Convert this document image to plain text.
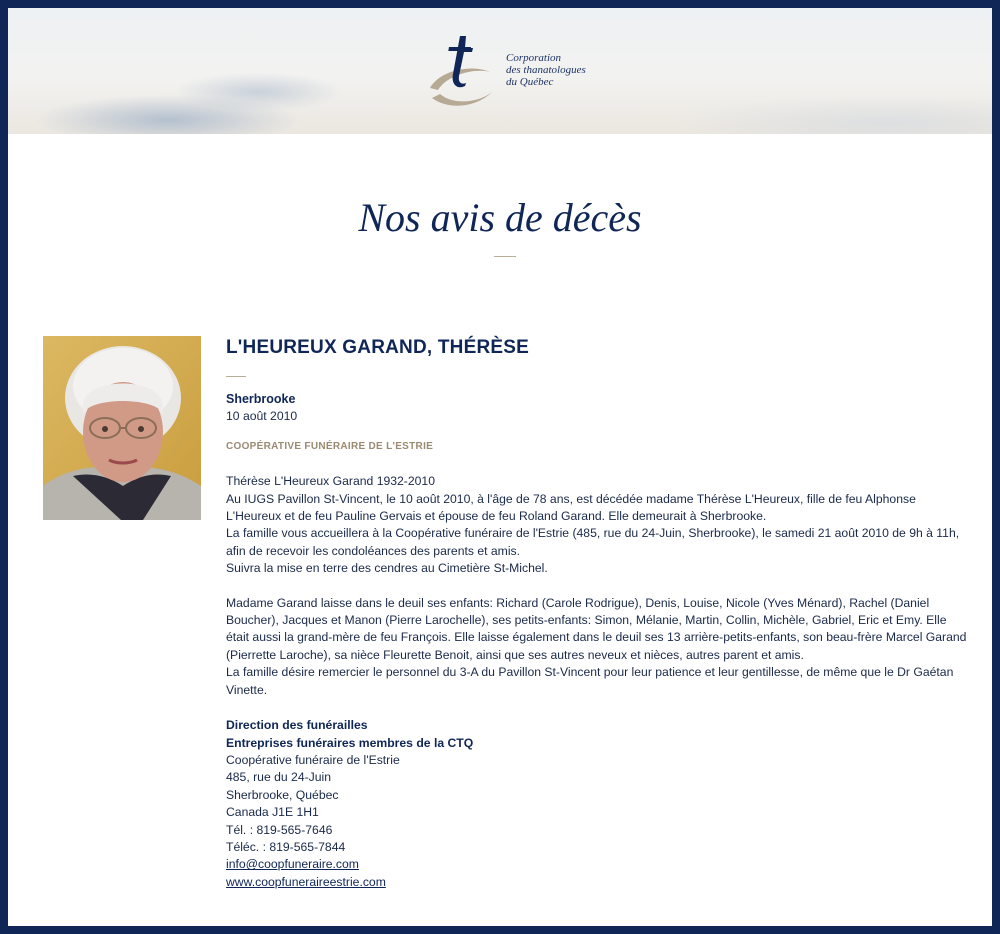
Corporation
des thanatologues
du Québec
Nos avis de décès
L'HEUREUX GARAND, THÉRÈSE
Sherbrooke
10 août 2010
COOPÉRATIVE FUNÉRAIRE DE L'ESTRIE

Thérèse L'Heureux Garand 1932-2010

Au IUGS Pavillon St-Vincent, le 10 août 2010, à l'âge de 78 ans, est décédée madame Thérèse L'Heureux, fille de feu Alphonse L'Heureux et de feu Pauline Gervais et épouse de feu Roland Garand. Elle demeurait à Sherbrooke.

La famille vous accueillera à la Coopérative funéraire de l'Estrie (485, rue du 24-Juin, Sherbrooke), le samedi 21 août 2010 de 9h à 11h, afin de recevoir les condoléances des parents et amis.

Suivra la mise en terre des cendres au Cimetière St-Michel.

Madame Garand laisse dans le deuil ses enfants: Richard (Carole Rodrigue), Denis, Louise, Nicole (Yves Ménard), Rachel (Daniel Boucher), Jacques et Manon (Pierre Larochelle), ses petits-enfants: Simon, Mélanie, Martin, Collin, Michèle, Gabriel, Eric et Emy. Elle était aussi la grand-mère de feu François. Elle laisse également dans le deuil ses 13 arrière-petits-enfants, son beau-frère Marcel Garand (Pierrette Laroche), sa nièce Fleurette Benoit, ainsi que ses autres neveux et nièces, autres parent et amis.

La famille désire remercier le personnel du 3-A du Pavillon St-Vincent pour leur patience et leur gentillesse, de même que le Dr Gaétan Vinette.

Direction des funérailles

Entreprises funéraires membres de la CTQ

Coopérative funéraire de l'Estrie

485, rue du 24-Juin

Sherbrooke, Québec

Canada J1E 1H1

Tél. : 819-565-7646

Téléc. : 819-565-7844

info@coopfuneraire.com

www.coopfuneraireestrie.com
